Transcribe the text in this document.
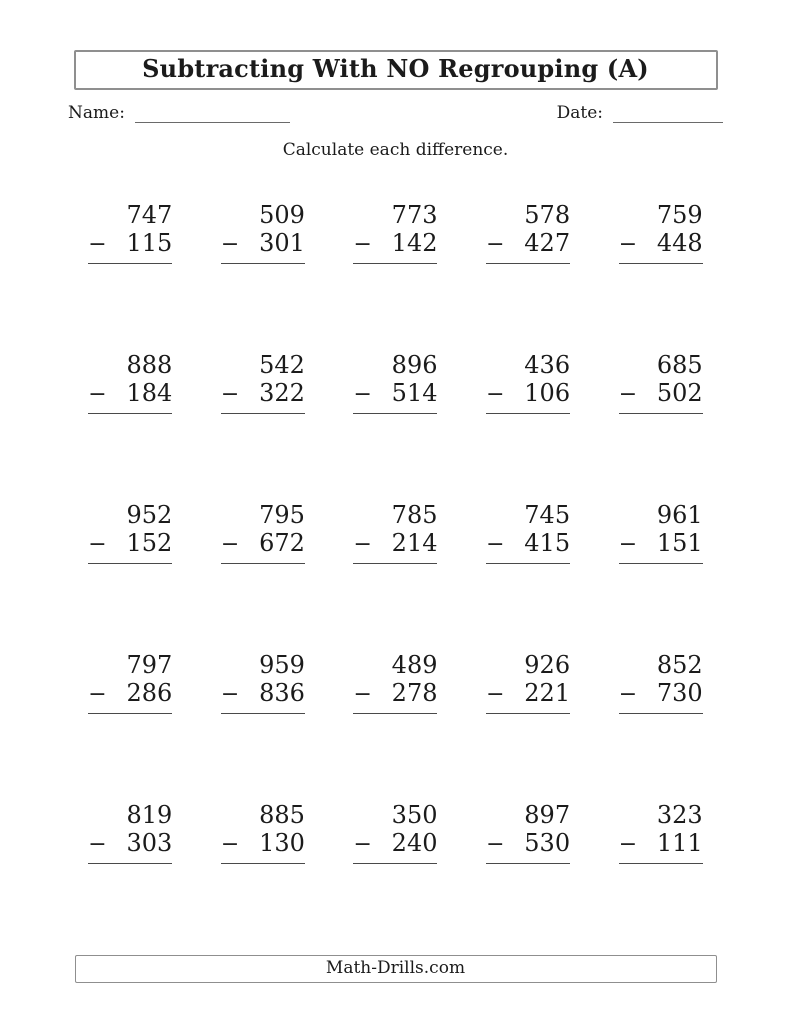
Subtracting With NO Regrouping (A)
Name:	Date:
Calculate each difference.
747
− 115
509
− 301
773
− 142
578
− 427
759
− 448
888
− 184
542
− 322
896
− 514
436
− 106
685
− 502
952
− 152
795
− 672
785
− 214
745
− 415
961
− 151
797
− 286
959
− 836
489
− 278
926
− 221
852
− 730
819
− 303
885
− 130
350
− 240
897
− 530
323
− 111
Math-Drills.com
